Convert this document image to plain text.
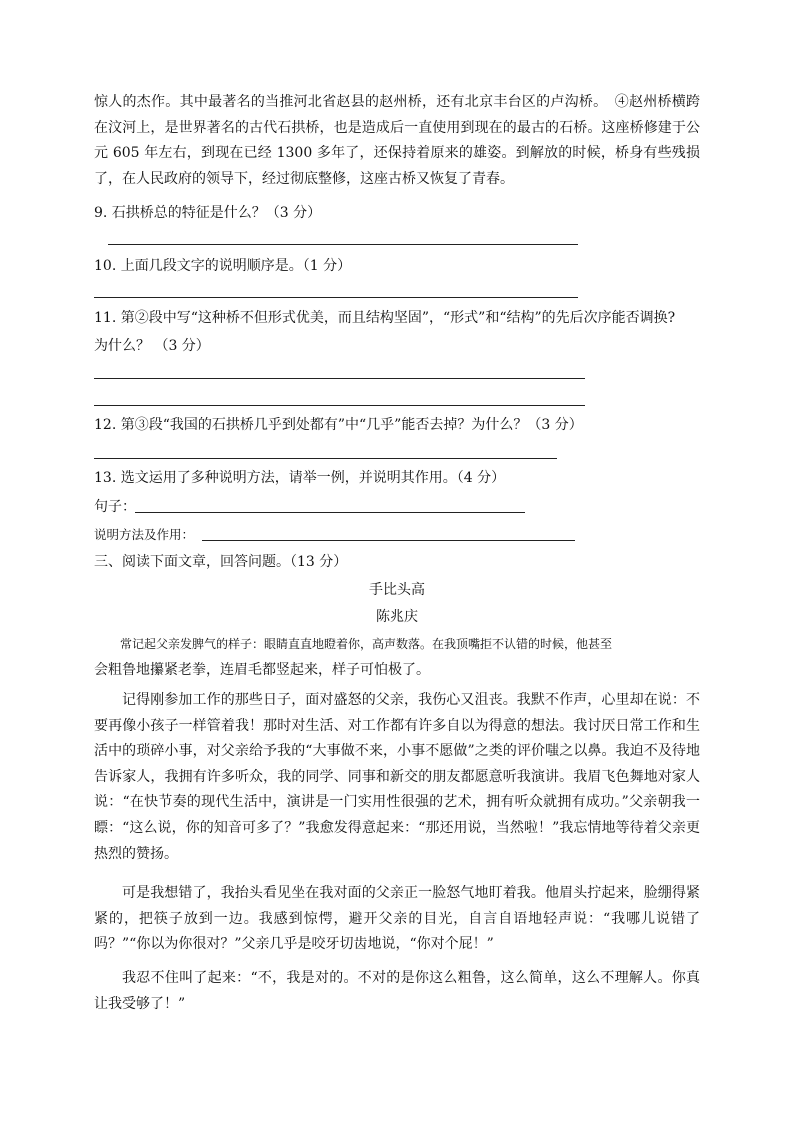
惊人的杰作。其中最著名的当推河北省赵县的赵州桥，还有北京丰台区的卢沟桥。　④赵州桥横跨在汶河上，是世界著名的古代石拱桥，也是造成后一直使用到现在的最古的石桥。这座桥修建于公元 605 年左右，到现在已经 1300 多年了，还保持着原来的雄姿。到解放的时候，桥身有些残损了，在人民政府的领导下，经过彻底整修，这座古桥又恢复了青春。
9. 石拱桥总的特征是什么？（3 分）
10. 上面几段文字的说明顺序是。（1 分）
11. 第②段中写“这种桥不但形式优美，而且结构坚固”，“形式”和“结构”的先后次序能否调换?
为什么？ （3 分）
12. 第③段“我国的石拱桥几乎到处都有”中“几乎”能否去掉？为什么？（3 分）
13. 选文运用了多种说明方法，请举一例，并说明其作用。（4 分）
句子：
说明方法及作用：
三、阅读下面文章，回答问题。（13 分）
手比头高
陈兆庆
常记起父亲发脾气的样子：眼睛直直地瞪着你，高声数落。在我顶嘴拒不认错的时候，他甚至
会粗鲁地攥紧老拳，连眉毛都竖起来，样子可怕极了。
记得刚参加工作的那些日子，面对盛怒的父亲，我伤心又沮丧。我默不作声，心里却在说：不要再像小孩子一样管着我！那时对生活、对工作都有许多自以为得意的想法。我讨厌日常工作和生活中的琐碎小事，对父亲给予我的“大事做不来，小事不愿做”之类的评价嗤之以鼻。我迫不及待地告诉家人，我拥有许多听众，我的同学、同事和新交的朋友都愿意听我演讲。我眉飞色舞地对家人说：“在快节奏的现代生活中，演讲是一门实用性很强的艺术，拥有听众就拥有成功。”父亲朝我一瞟：“这么说，你的知音可多了？”我愈发得意起来：“那还用说，当然啦！”我忘情地等待着父亲更热烈的赞扬。
可是我想错了，我抬头看见坐在我对面的父亲正一脸怒气地盯着我。他眉头拧起来，脸绷得紧紧的，把筷子放到一边。我感到惊愕，避开父亲的目光，自言自语地轻声说：“我哪儿说错了吗？”“你以为你很对？”父亲几乎是咬牙切齿地说，“你对个屁！”
我忍不住叫了起来：“不，我是对的。不对的是你这么粗鲁，这么简单，这么不理解人。你真让我受够了！”
